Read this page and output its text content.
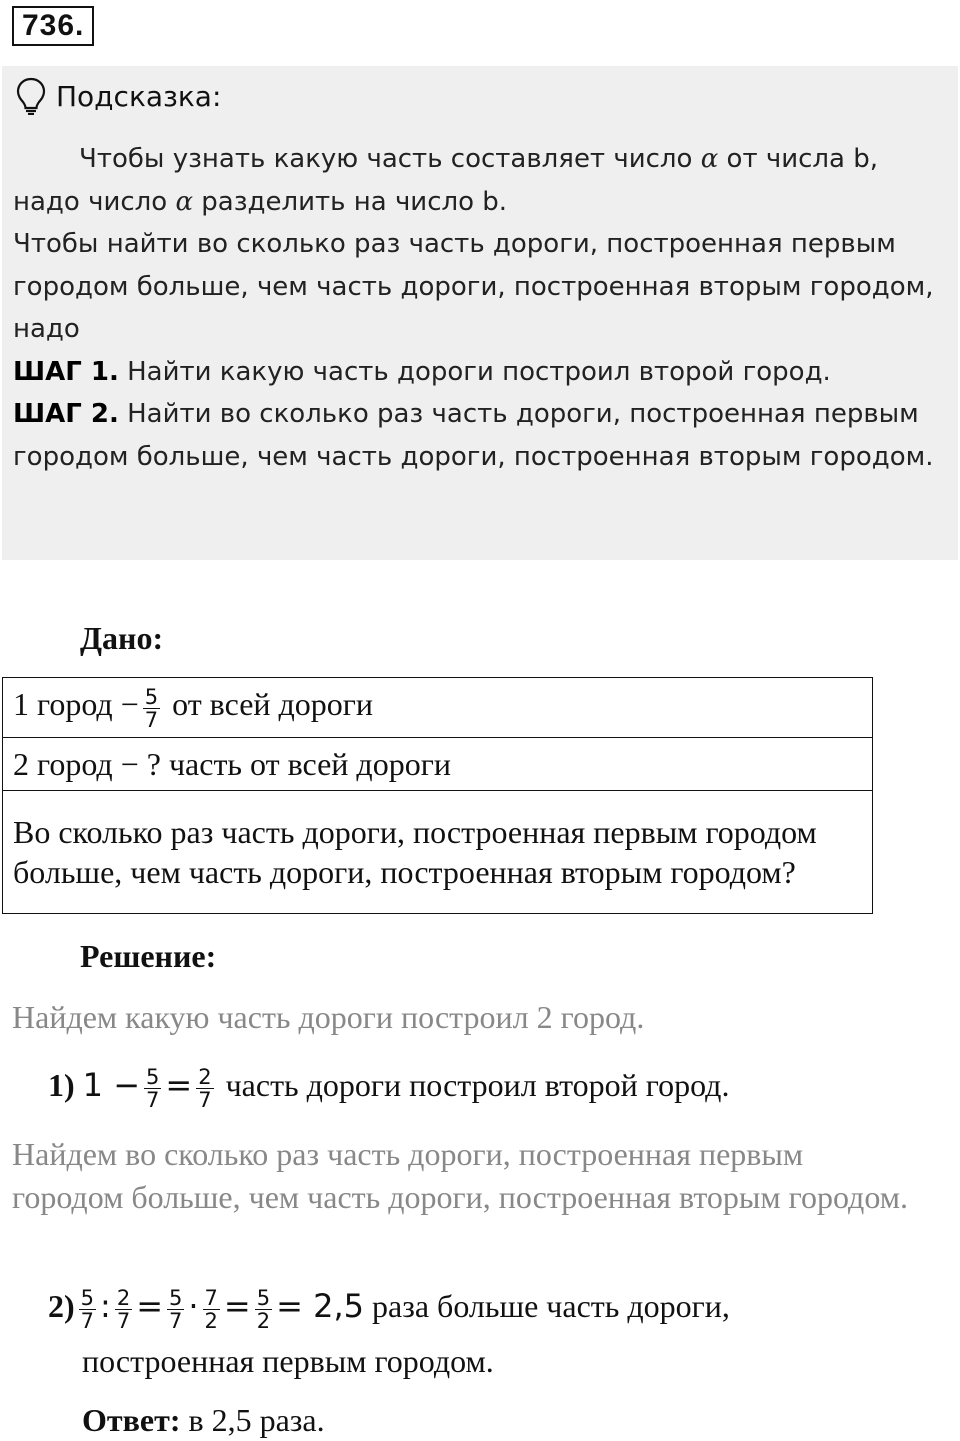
736.
Подсказка:

Чтобы узнать какую часть составляет число α от числа b,

надо число α разделить на число b.

Чтобы найти во сколько раз часть дороги, построенная первым городом больше, чем часть дороги, построенная вторым городом, надо

ШАГ 1. Найти какую часть дороги построил второй город.

ШАГ 2. Найти во сколько раз часть дороги, построенная первым городом больше, чем часть дороги, построенная вторым городом.

Дано:
1 город − $\frac{5}{7}$ от всей дороги
2 город − ? часть от всей дороги
Во сколько раз часть дороги, построенная первым городом больше, чем часть дороги, построенная вторым городом?
Решение:
Найдем какую часть дороги построил 2 город.
1) $1 - \frac{5}{7} = \frac{2}{7}$ часть дороги построил второй город.
Найдем во сколько раз часть дороги, построенная первым городом больше, чем часть дороги, построенная вторым городом.
$2) \frac{5}{7}$ : $\frac{2}{7} = \frac{5}{7} \cdot \frac{7}{2} = \frac{5}{2} = 2,5$ раза больше часть дороги,
построенная первым городом.
Ответ: в 2,5 раза.
